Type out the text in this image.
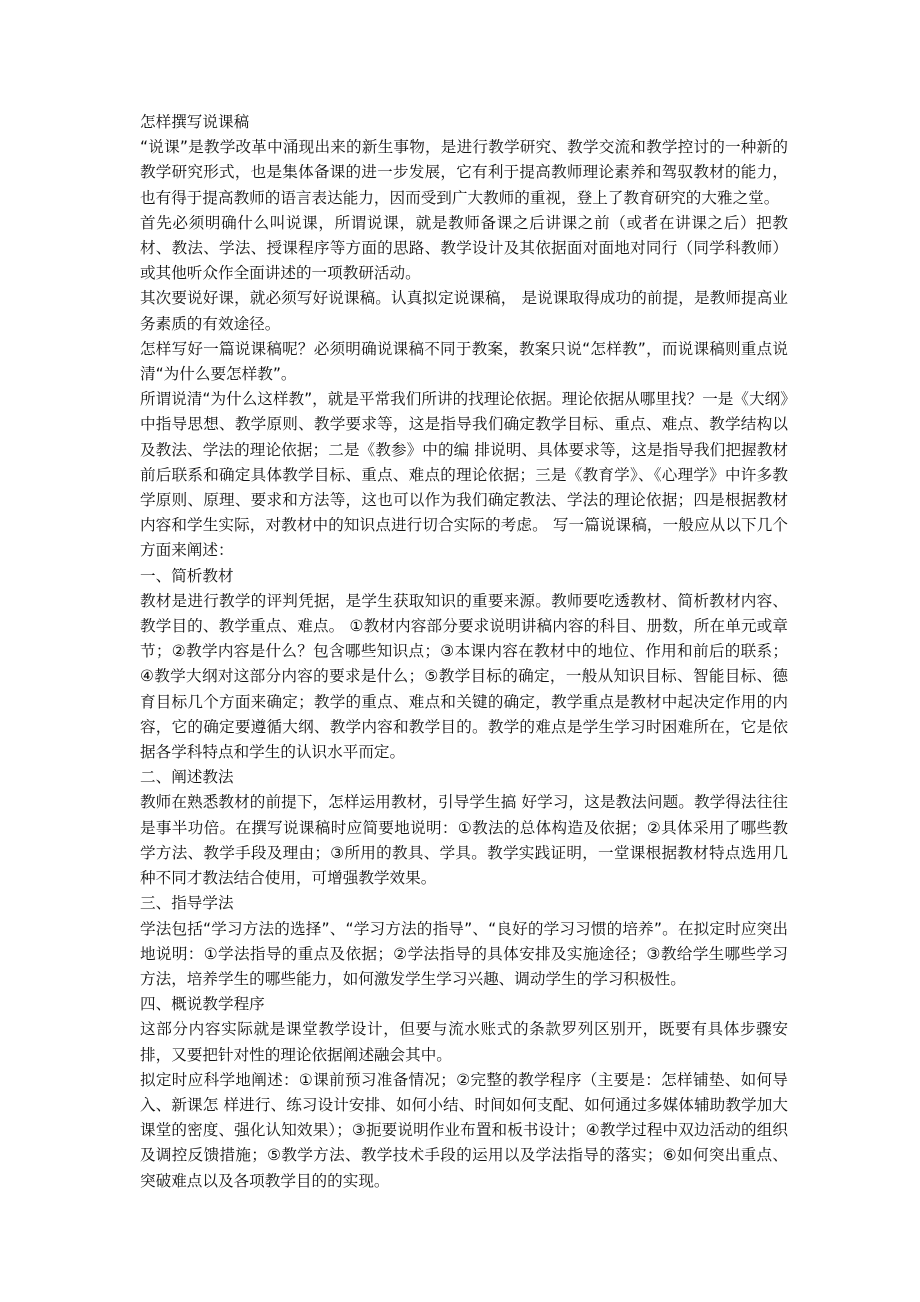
怎样撰写说课稿

“说课”是教学改革中涌现出来的新生事物，是进行教学研究、教学交流和教学控讨的一种新的教学研究形式，也是集体备课的进一步发展，它有利于提高教师理论素养和驾驭教材的能力，也有得于提高教师的语言表达能力，因而受到广大教师的重视，登上了教育研究的大雅之堂。

首先必须明确什么叫说课，所谓说课，就是教师备课之后讲课之前（或者在讲课之后）把教材、教法、学法、授课程序等方面的思路、教学设计及其依据面对面地对同行（同学科教师）或其他听众作全面讲述的一项教研活动。

其次要说好课，就必须写好说课稿。认真拟定说课稿， 是说课取得成功的前提，是教师提高业务素质的有效途径。

怎样写好一篇说课稿呢？必须明确说课稿不同于教案，教案只说“怎样教”，而说课稿则重点说清“为什么要怎样教”。

所谓说清“为什么这样教”，就是平常我们所讲的找理论依据。理论依据从哪里找？一是《大纲》中指导思想、教学原则、教学要求等，这是指导我们确定教学目标、重点、难点、教学结构以及教法、学法的理论依据；二是《教参》中的编 排说明、具体要求等，这是指导我们把握教材前后联系和确定具体教学目标、重点、难点的理论依据；三是《教育学》、《心理学》中许多教学原则、原理、要求和方法等，这也可以作为我们确定教法、学法的理论依据；四是根据教材内容和学生实际，对教材中的知识点进行切合实际的考虑。 写一篇说课稿，一般应从以下几个方面来阐述：

一、简析教材

教材是进行教学的评判凭据，是学生获取知识的重要来源。教师要吃透教材、简析教材内容、教学目的、教学重点、难点。 ①教材内容部分要求说明讲稿内容的科目、册数，所在单元或章节；②教学内容是什么？包含哪些知识点；③本课内容在教材中的地位、作用和前后的联系；④教学大纲对这部分内容的要求是什么；⑤教学目标的确定，一般从知识目标、智能目标、德育目标几个方面来确定；教学的重点、难点和关键的确定，教学重点是教材中起决定作用的内容，它的确定要遵循大纲、教学内容和教学目的。教学的难点是学生学习时困难所在，它是依据各学科特点和学生的认识水平而定。

二、阐述教法

教师在熟悉教材的前提下，怎样运用教材，引导学生搞 好学习，这是教法问题。教学得法往往是事半功倍。在撰写说课稿时应简要地说明：①教法的总体构造及依据；②具体采用了哪些教学方法、教学手段及理由；③所用的教具、学具。教学实践证明，一堂课根据教材特点选用几种不同才教法结合使用，可增强教学效果。

三、指导学法

学法包括“学习方法的选择”、“学习方法的指导”、“良好的学习习惯的培养”。在拟定时应突出地说明：①学法指导的重点及依据；②学法指导的具体安排及实施途径；③教给学生哪些学习方法，培养学生的哪些能力，如何激发学生学习兴趣、调动学生的学习积极性。

四、概说教学程序

这部分内容实际就是课堂教学设计，但要与流水账式的条款罗列区别开，既要有具体步骤安排，又要把针对性的理论依据阐述融会其中。

拟定时应科学地阐述：①课前预习准备情况；②完整的教学程序（主要是：怎样铺垫、如何导入、新课怎 样进行、练习设计安排、如何小结、时间如何支配、如何通过多媒体辅助教学加大课堂的密度、强化认知效果）；③扼要说明作业布置和板书设计；④教学过程中双边活动的组织及调控反馈措施；⑤教学方法、教学技术手段的运用以及学法指导的落实；⑥如何突出重点、突破难点以及各项教学目的的实现。
